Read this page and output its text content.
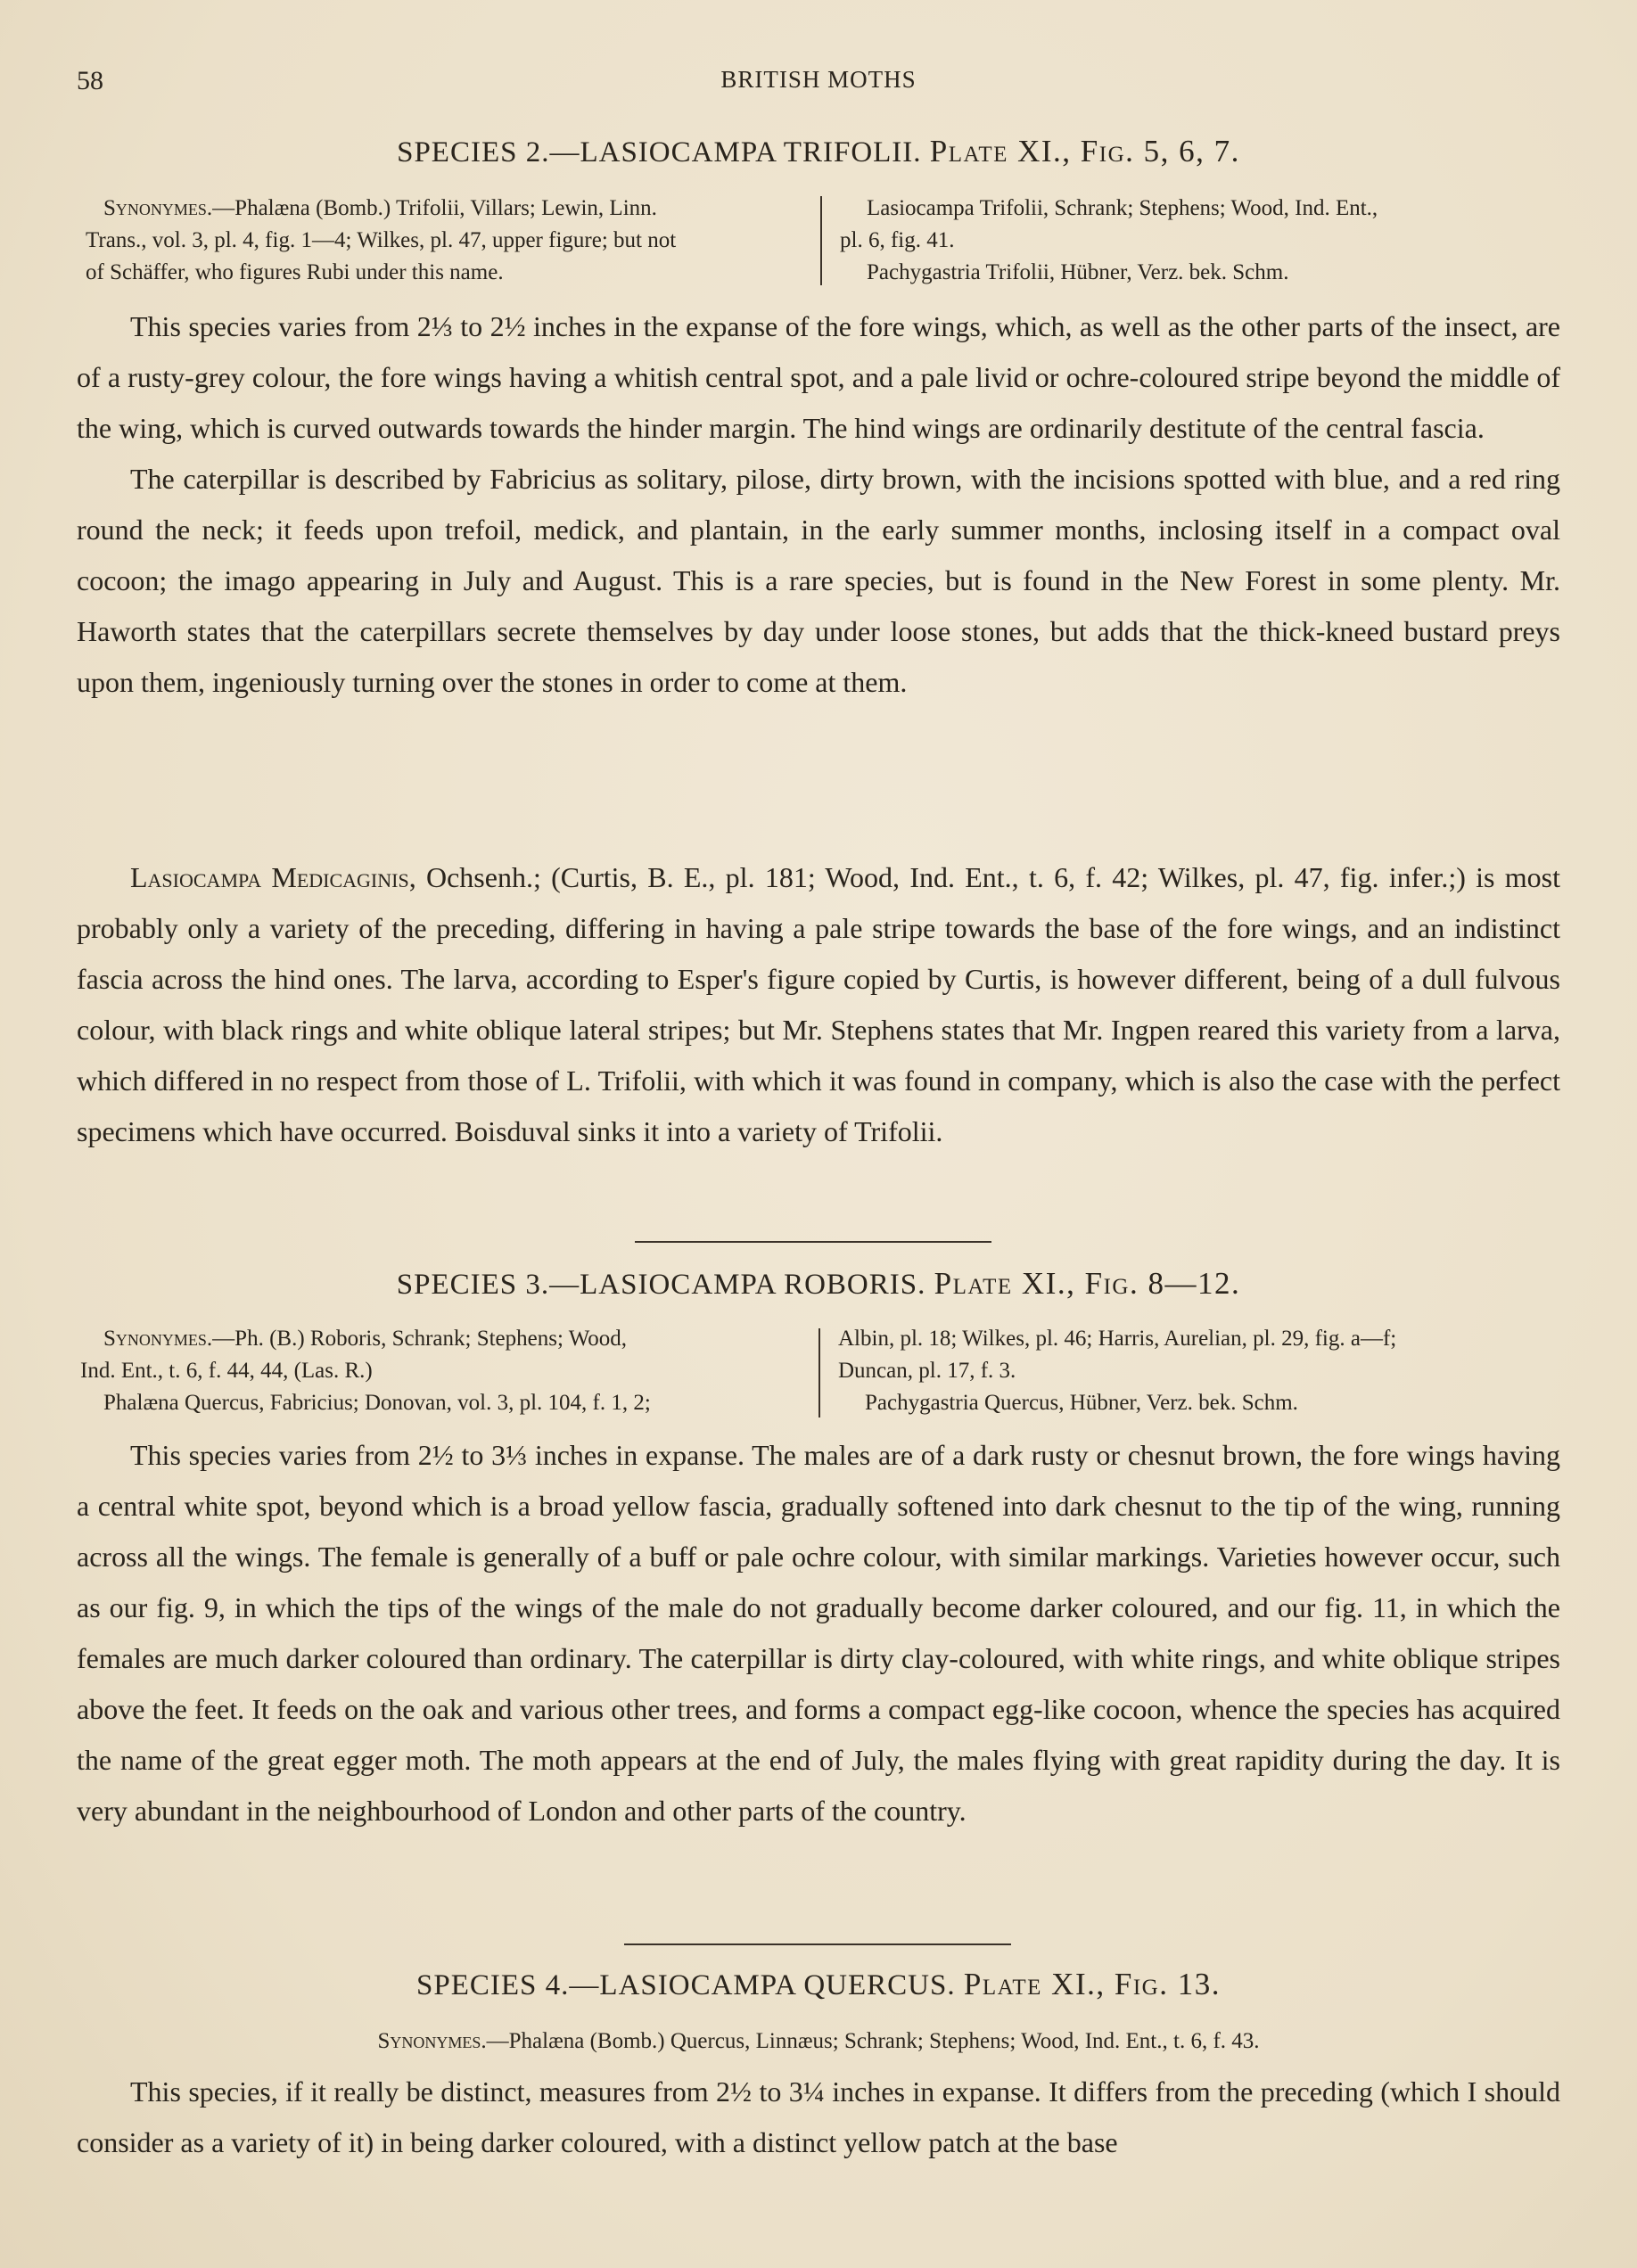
58	BRITISH MOTHS
SPECIES 2.—LASIOCAMPA TRIFOLII. Plate XI., Fig. 5, 6, 7.
Synonymes.—Phalæna (Bomb.) Trifolii, Villars; Lewin, Linn.
Trans., vol. 3, pl. 4, fig. 1—4; Wilkes, pl. 47, upper figure; but not
of Schäffer, who figures Rubi under this name.
Lasiocampa Trifolii, Schrank; Stephens; Wood, Ind. Ent.,
pl. 6, fig. 41.
Pachygastria Trifolii, Hübner, Verz. bek. Schm.

This species varies from 2⅓ to 2½ inches in the expanse of the fore wings, which, as well as the other parts of the insect, are of a rusty-grey colour, the fore wings having a whitish central spot, and a pale livid or ochre-coloured stripe beyond the middle of the wing, which is curved outwards towards the hinder margin. The hind wings are ordinarily destitute of the central fascia.

The caterpillar is described by Fabricius as solitary, pilose, dirty brown, with the incisions spotted with blue, and a red ring round the neck; it feeds upon trefoil, medick, and plantain, in the early summer months, inclosing itself in a compact oval cocoon; the imago appearing in July and August. This is a rare species, but is found in the New Forest in some plenty. Mr. Haworth states that the caterpillars secrete themselves by day under loose stones, but adds that the thick-kneed bustard preys upon them, ingeniously turning over the stones in order to come at them.

Lasiocampa Medicaginis, Ochsenh.; (Curtis, B. E., pl. 181; Wood, Ind. Ent., t. 6, f. 42; Wilkes, pl. 47, fig. infer.;) is most probably only a variety of the preceding, differing in having a pale stripe towards the base of the fore wings, and an indistinct fascia across the hind ones. The larva, according to Esper's figure copied by Curtis, is however different, being of a dull fulvous colour, with black rings and white oblique lateral stripes; but Mr. Stephens states that Mr. Ingpen reared this variety from a larva, which differed in no respect from those of L. Trifolii, with which it was found in company, which is also the case with the perfect specimens which have occurred. Boisduval sinks it into a variety of Trifolii.

SPECIES 3.—LASIOCAMPA ROBORIS. Plate XI., Fig. 8—12.
Synonymes.—Ph. (B.) Roboris, Schrank; Stephens; Wood,
Ind. Ent., t. 6, f. 44, 44, (Las. R.)
Phalæna Quercus, Fabricius; Donovan, vol. 3, pl. 104, f. 1, 2;
Albin, pl. 18; Wilkes, pl. 46; Harris, Aurelian, pl. 29, fig. a—f;
Duncan, pl. 17, f. 3.
Pachygastria Quercus, Hübner, Verz. bek. Schm.

This species varies from 2½ to 3⅓ inches in expanse. The males are of a dark rusty or chesnut brown, the fore wings having a central white spot, beyond which is a broad yellow fascia, gradually softened into dark chesnut to the tip of the wing, running across all the wings. The female is generally of a buff or pale ochre colour, with similar markings. Varieties however occur, such as our fig. 9, in which the tips of the wings of the male do not gradually become darker coloured, and our fig. 11, in which the females are much darker coloured than ordinary. The caterpillar is dirty clay-coloured, with white rings, and white oblique stripes above the feet. It feeds on the oak and various other trees, and forms a compact egg-like cocoon, whence the species has acquired the name of the great egger moth. The moth appears at the end of July, the males flying with great rapidity during the day. It is very abundant in the neighbourhood of London and other parts of the country.

SPECIES 4.—LASIOCAMPA QUERCUS. Plate XI., Fig. 13.
Synonymes.—Phalæna (Bomb.) Quercus, Linnæus; Schrank; Stephens; Wood, Ind. Ent., t. 6, f. 43.

This species, if it really be distinct, measures from 2½ to 3¼ inches in expanse. It differs from the preceding (which I should consider as a variety of it) in being darker coloured, with a distinct yellow patch at the base
